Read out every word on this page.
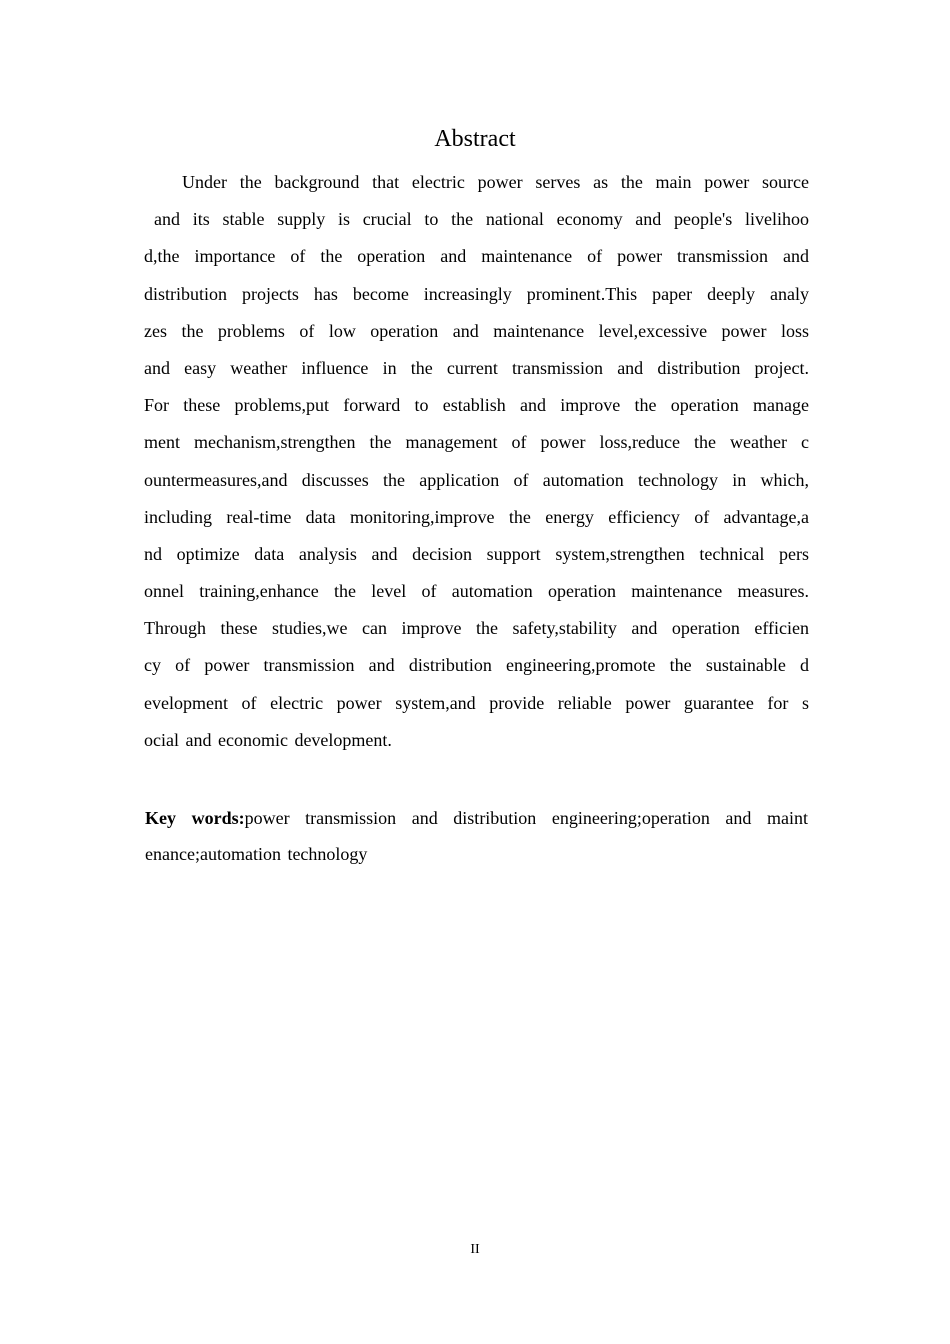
Abstract
Under the background that electric power serves as the main power source
and its stable supply is crucial to the national economy and people's livelihoo
d,the importance of the operation and maintenance of power transmission and
distribution projects has become increasingly prominent.This paper deeply analy
zes the problems of low operation and maintenance level,excessive power loss
and easy weather influence in the current transmission and distribution project.
For these problems,put forward to establish and improve the operation manage
ment mechanism,strengthen the management of power loss,reduce the weather c
ountermeasures,and discusses the application of automation technology in which,
including real-time data monitoring,improve the energy efficiency of advantage,a
nd optimize data analysis and decision support system,strengthen technical pers
onnel training,enhance the level of automation operation maintenance measures.
Through these studies,we can improve the safety,stability and operation efficien
cy of power transmission and distribution engineering,promote the sustainable d
evelopment of electric power system,and provide reliable power guarantee for s
ocial and economic development.
Key words:power transmission and distribution engineering;operation and maint
enance;automation technology
II
